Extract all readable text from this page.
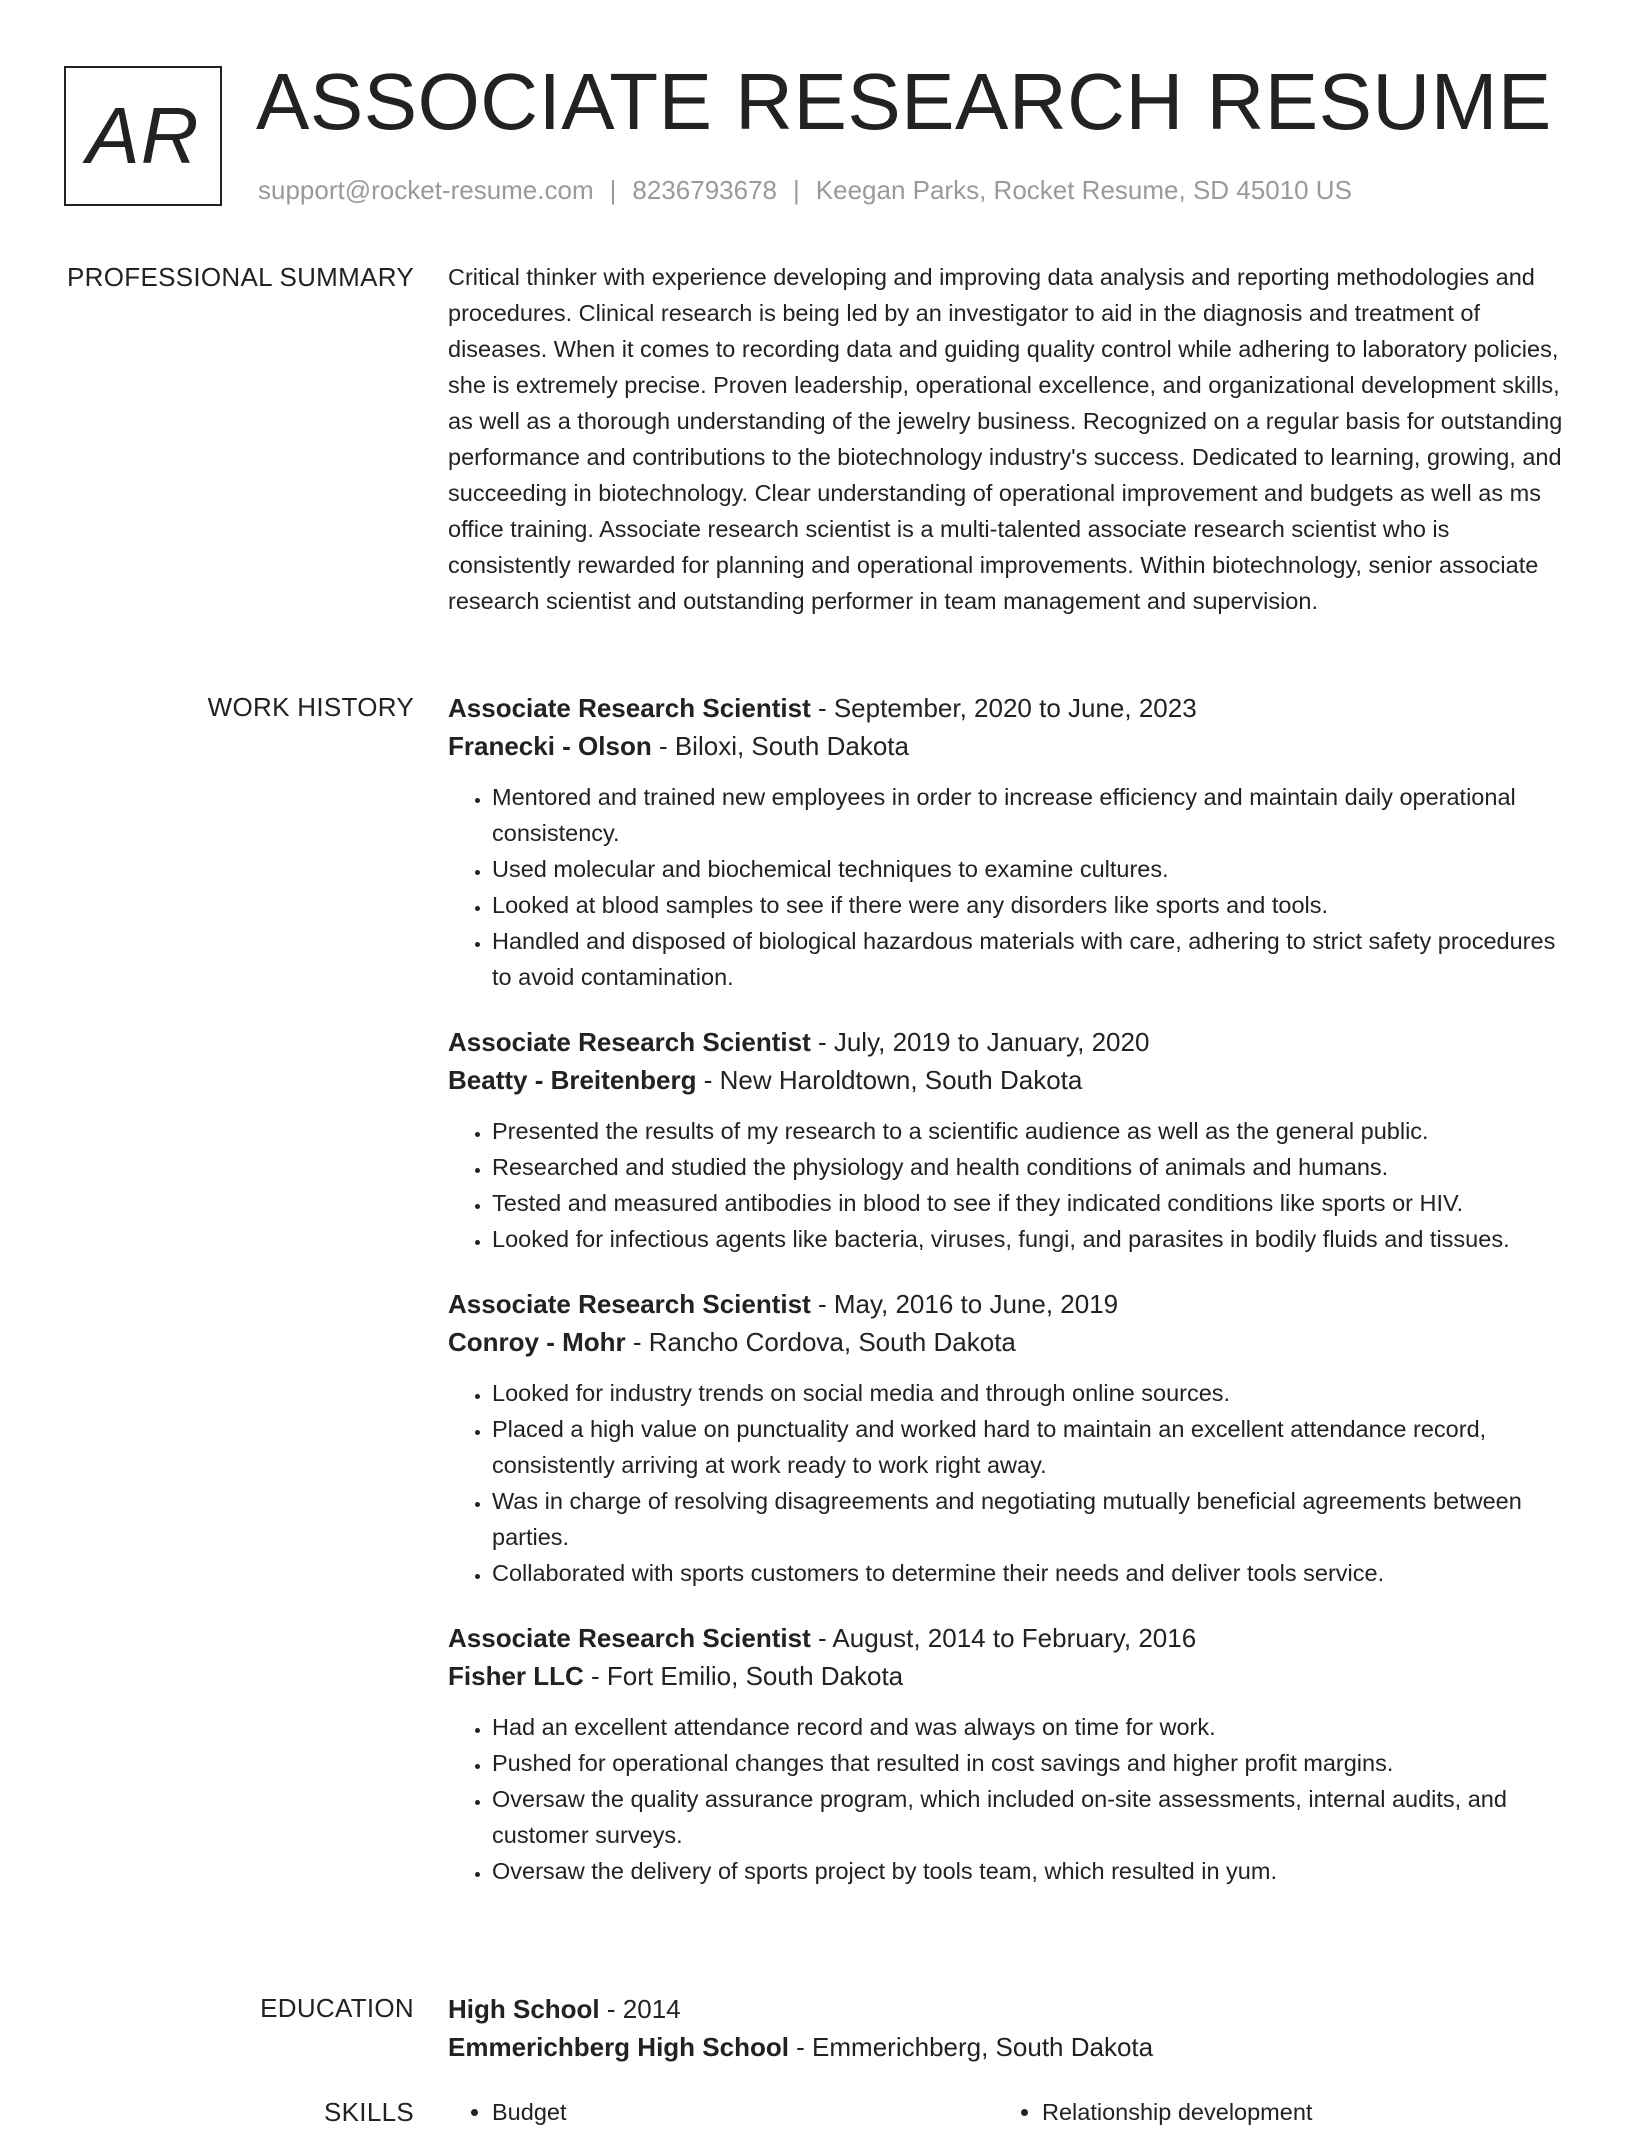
AR ASSOCIATE RESEARCH RESUME
support@rocket-resume.com | 8236793678 | Keegan Parks, Rocket Resume, SD 45010 US
PROFESSIONAL SUMMARY Critical thinker with experience developing and improving data analysis and reporting methodologies and procedures. Clinical research is being led by an investigator to aid in the diagnosis and treatment of diseases. When it comes to recording data and guiding quality control while adhering to laboratory policies, she is extremely precise. Proven leadership, operational excellence, and organizational development skills, as well as a thorough understanding of the jewelry business. Recognized on a regular basis for outstanding performance and contributions to the biotechnology industry's success. Dedicated to learning, growing, and succeeding in biotechnology. Clear understanding of operational improvement and budgets as well as ms office training. Associate research scientist is a multi-talented associate research scientist who is consistently rewarded for planning and operational improvements. Within biotechnology, senior associate research scientist and outstanding performer in team management and supervision.

WORK HISTORY Associate Research Scientist - September, 2020 to June, 2023
Franecki - Olson - Biloxi, South Dakota
• Mentored and trained new employees in order to increase efficiency and maintain daily operational consistency.
• Used molecular and biochemical techniques to examine cultures.
• Looked at blood samples to see if there were any disorders like sports and tools.
• Handled and disposed of biological hazardous materials with care, adhering to strict safety procedures to avoid contamination.
Associate Research Scientist - July, 2019 to January, 2020
Beatty - Breitenberg - New Haroldtown, South Dakota
• Presented the results of my research to a scientific audience as well as the general public.
• Researched and studied the physiology and health conditions of animals and humans.
• Tested and measured antibodies in blood to see if they indicated conditions like sports or HIV.
• Looked for infectious agents like bacteria, viruses, fungi, and parasites in bodily fluids and tissues.
Associate Research Scientist - May, 2016 to June, 2019
Conroy - Mohr - Rancho Cordova, South Dakota
• Looked for industry trends on social media and through online sources.
• Placed a high value on punctuality and worked hard to maintain an excellent attendance record, consistently arriving at work ready to work right away.
• Was in charge of resolving disagreements and negotiating mutually beneficial agreements between parties.
• Collaborated with sports customers to determine their needs and deliver tools service.
Associate Research Scientist - August, 2014 to February, 2016
Fisher LLC - Fort Emilio, South Dakota
• Had an excellent attendance record and was always on time for work.
• Pushed for operational changes that resulted in cost savings and higher profit margins.
• Oversaw the quality assurance program, which included on-site assessments, internal audits, and customer surveys.
• Oversaw the delivery of sports project by tools team, which resulted in yum.
EDUCATION High School - 2014
Emmerichberg High School - Emmerichberg, South Dakota
SKILLS	• Budget	• Relationship development
